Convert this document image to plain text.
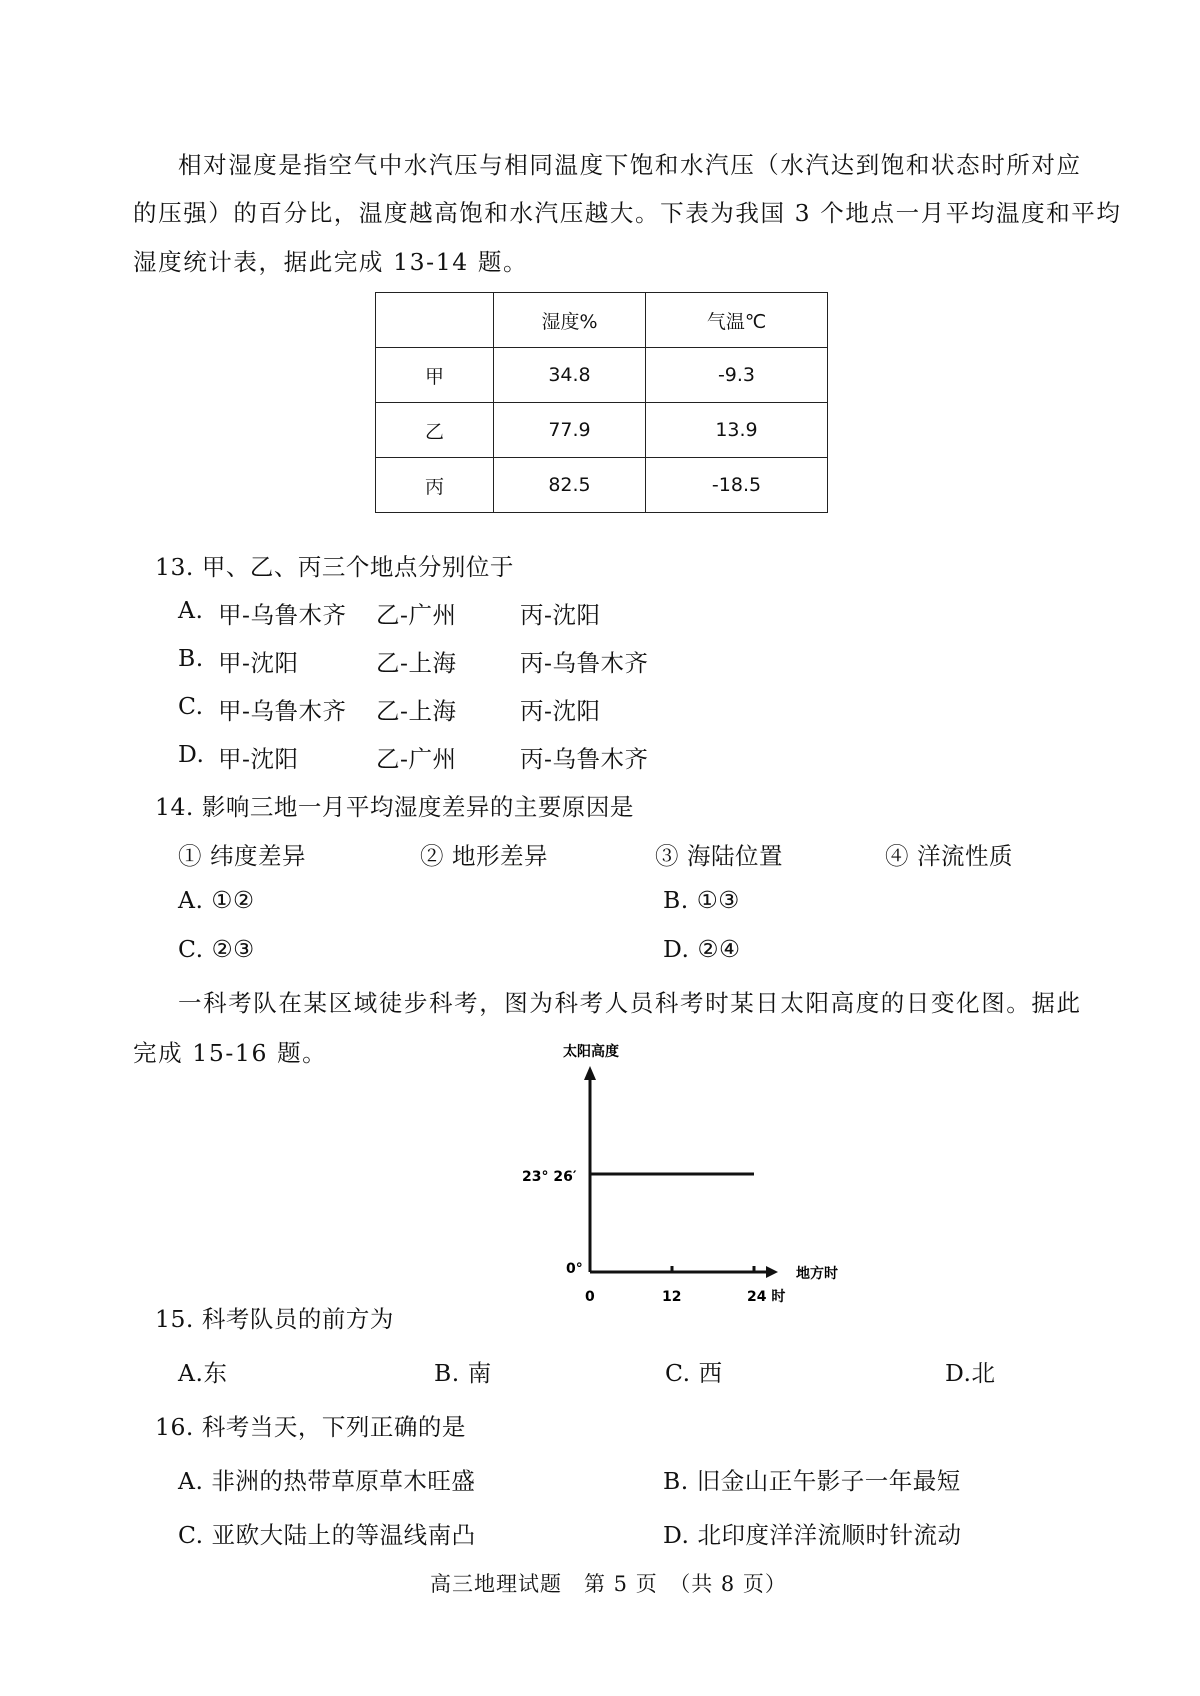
相对湿度是指空气中水汽压与相同温度下饱和水汽压（水汽达到饱和状态时所对应
的压强）的百分比，温度越高饱和水汽压越大。下表为我国 3 个地点一月平均温度和平均
湿度统计表，据此完成 13-14 题。
	湿度%	气温℃
甲	34.8	-9.3
乙	77.9	13.9
丙	82.5	-18.5
13. 甲、乙、丙三个地点分别位于
A. 甲-乌鲁木齐 乙-广州	丙-沈阳
B. 甲-沈阳	乙-上海	丙-乌鲁木齐
C. 甲-乌鲁木齐 乙-上海	丙-沈阳
D. 甲-沈阳	乙-广州	丙-乌鲁木齐
14. 影响三地一月平均湿度差异的主要原因是
① 纬度差异	② 地形差异	③ 海陆位置	④ 洋流性质
A. ①②	B. ①③
C. ②③	D. ②④
一科考队在某区域徒步科考，图为科考人员科考时某日太阳高度的日变化图。据此
完成 15-16 题。	太阳高度
地方时
0°
23° 26′
0	12	24 时
15. 科考队员的前方为
A.东	B. 南	C. 西	D.北
16. 科考当天，下列正确的是
A. 非洲的热带草原草木旺盛	B. 旧金山正午影子一年最短
C. 亚欧大陆上的等温线南凸	D. 北印度洋洋流顺时针流动
高三地理试题　第 5 页　（共 8 页）
